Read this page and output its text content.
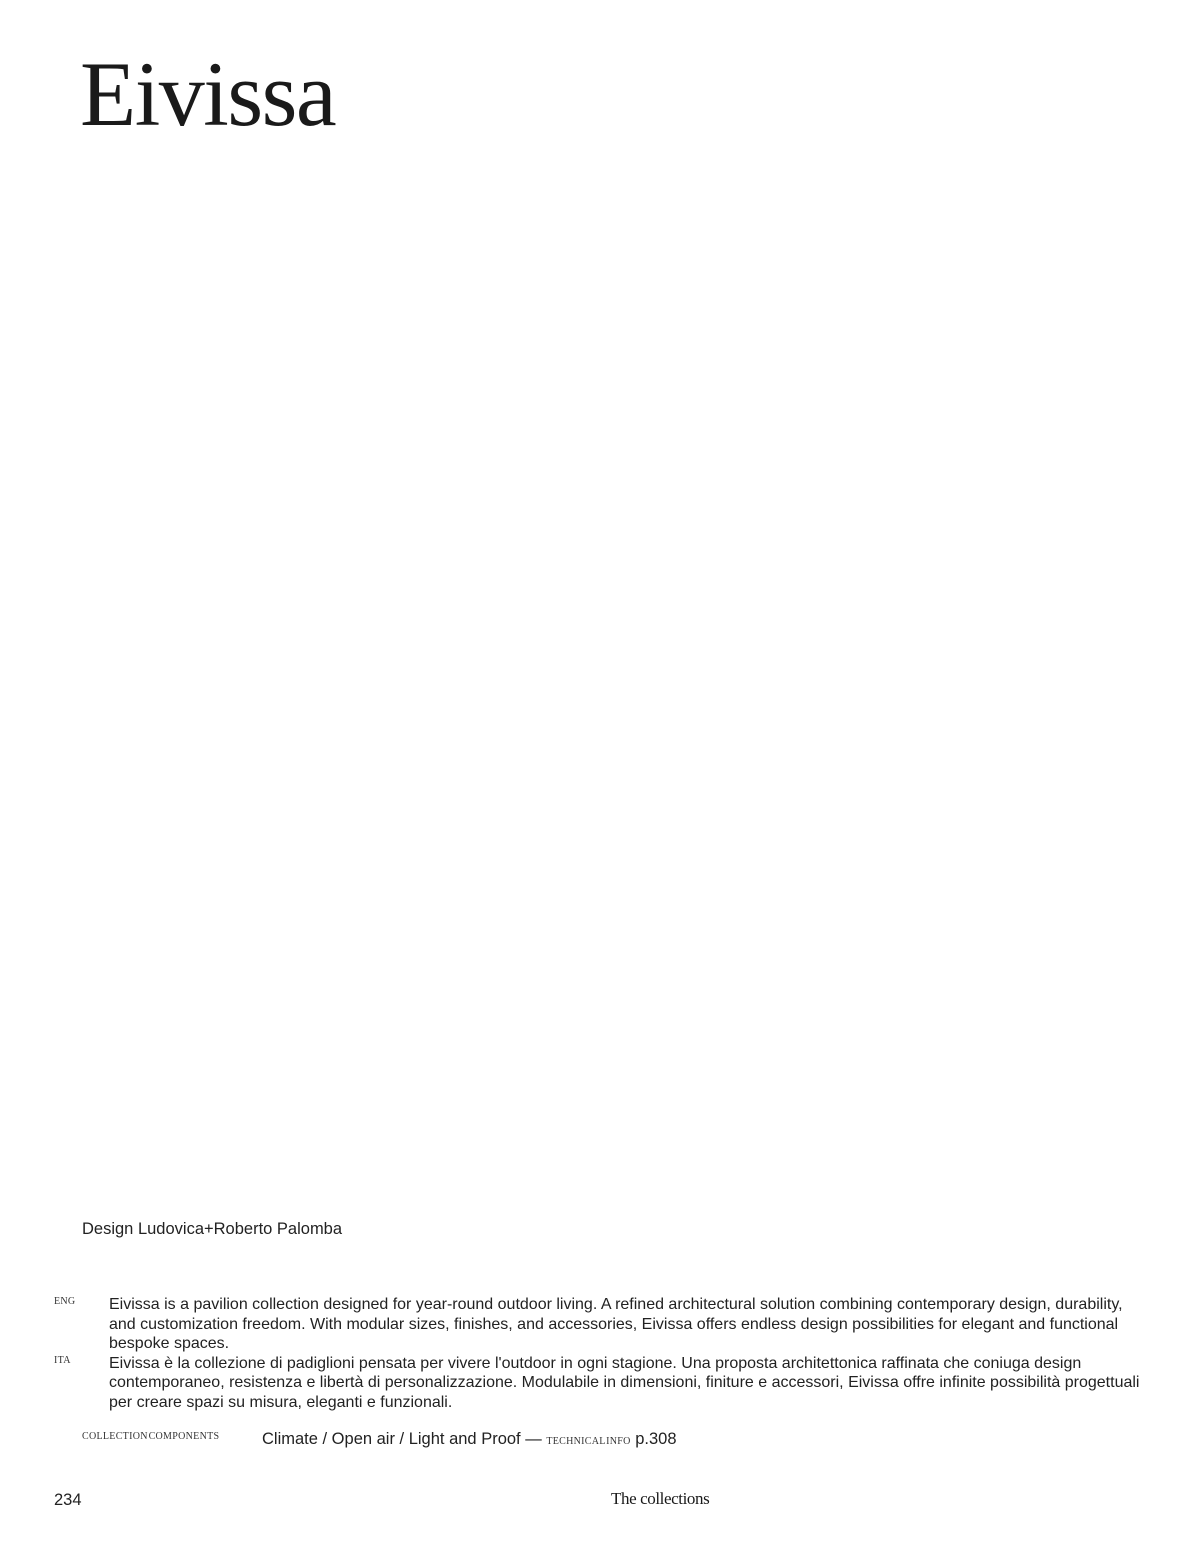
Eivissa
Design Ludovica+Roberto Palomba
ENG Eivissa is a pavilion collection designed for year-round outdoor living. A refined architectural solution combining contemporary design, durability, and customization freedom. With modular sizes, finishes, and accessories, Eivissa offers endless design possibilities for elegant and functional bespoke spaces.
ITA Eivissa è la collezione di padiglioni pensata per vivere l'outdoor in ogni stagione. Una proposta architettonica raffinata che coniuga design contemporaneo, resistenza e libertà di personalizzazione. Modulabile in dimensioni, finiture e accessori, Eivissa offre infinite possibilità progettuali per creare spazi su misura, eleganti e funzionali.
COLLECTION COMPONENTS	Climate / Open air / Light and Proof — TECHNICAL INFO p.308
234	The collections
